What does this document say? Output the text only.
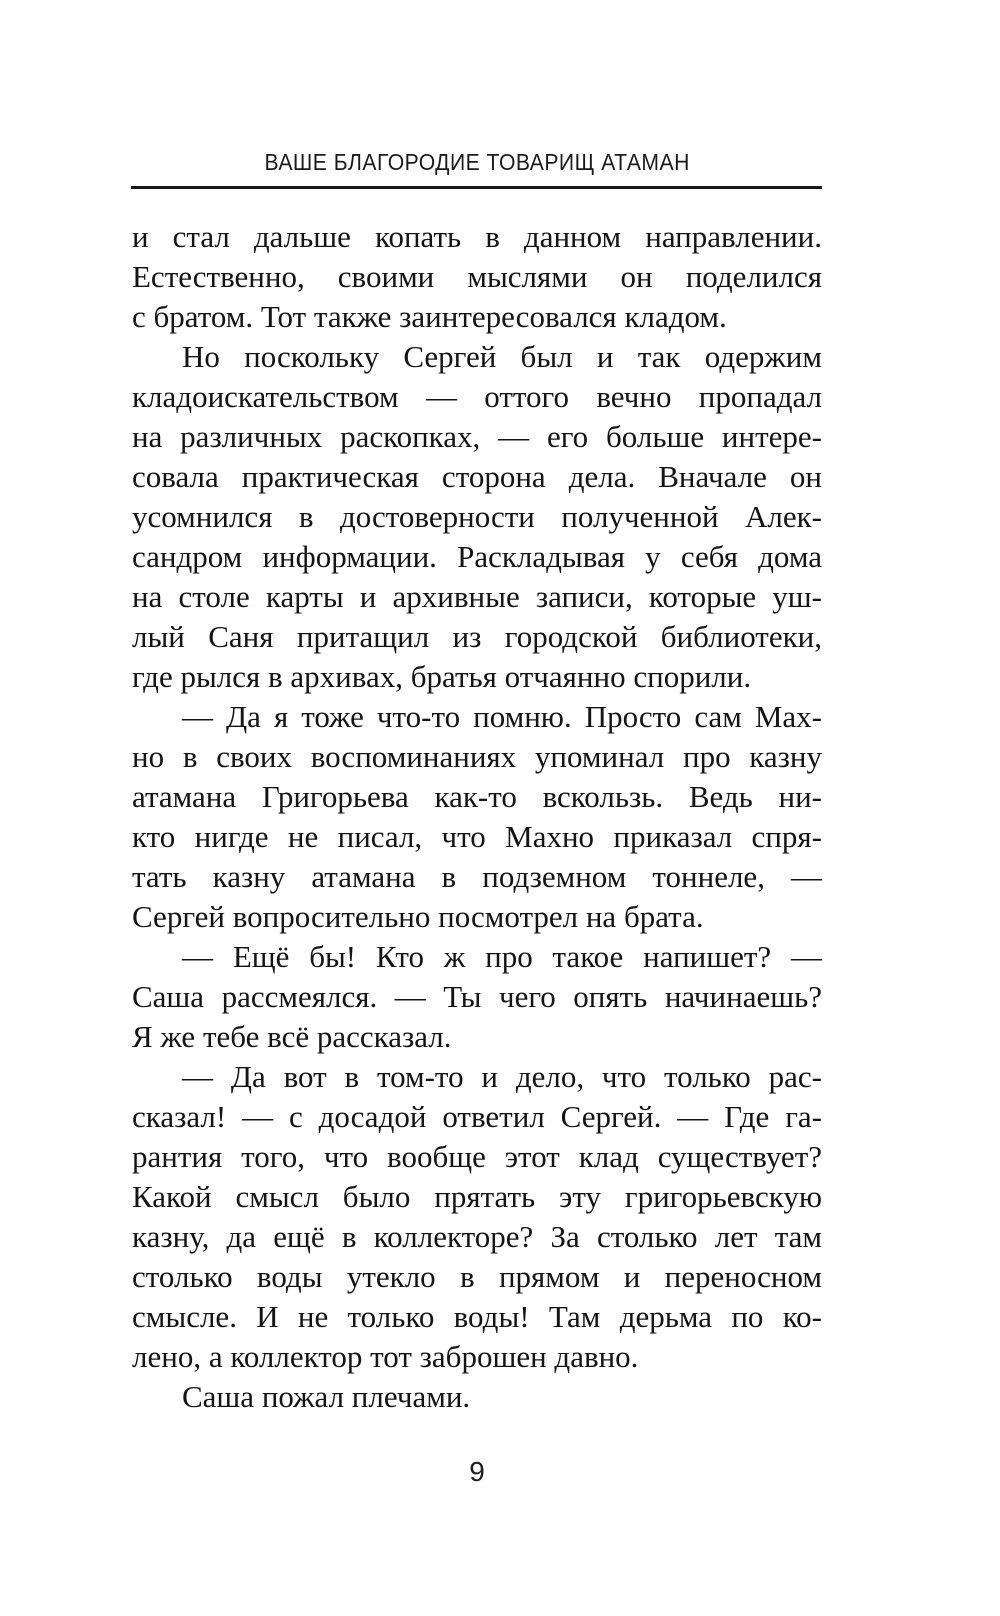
ВАШЕ БЛАГОРОДИЕ ТОВАРИЩ АТАМАН
и стал дальше копать в данном направлении.
Естественно, своими мыслями он поделился
с братом. Тот также заинтересовался кладом.
Но поскольку Сергей был и так одержим
кладоискательством — оттого вечно пропадал
на различных раскопках, — его больше интере-
совала практическая сторона дела. Вначале он
усомнился в достоверности полученной Алек-
сандром информации. Раскладывая у себя дома
на столе карты и архивные записи, которые уш-
лый Саня притащил из городской библиотеки,
где рылся в архивах, братья отчаянно спорили.
— Да я тоже что-то помню. Просто сам Мах-
но в своих воспоминаниях упоминал про казну
атамана Григорьева как-то вскользь. Ведь ни-
кто нигде не писал, что Махно приказал спря-
тать казну атамана в подземном тоннеле, —
Сергей вопросительно посмотрел на брата.
— Ещё бы! Кто ж про такое напишет? —
Саша рассмеялся. — Ты чего опять начинаешь?
Я же тебе всё рассказал.
— Да вот в том-то и дело, что только рас-
сказал! — с досадой ответил Сергей. — Где га-
рантия того, что вообще этот клад существует?
Какой смысл было прятать эту григорьевскую
казну, да ещё в коллекторе? За столько лет там
столько воды утекло в прямом и переносном
смысле. И не только воды! Там дерьма по ко-
лено, а коллектор тот заброшен давно.
Саша пожал плечами.
9
